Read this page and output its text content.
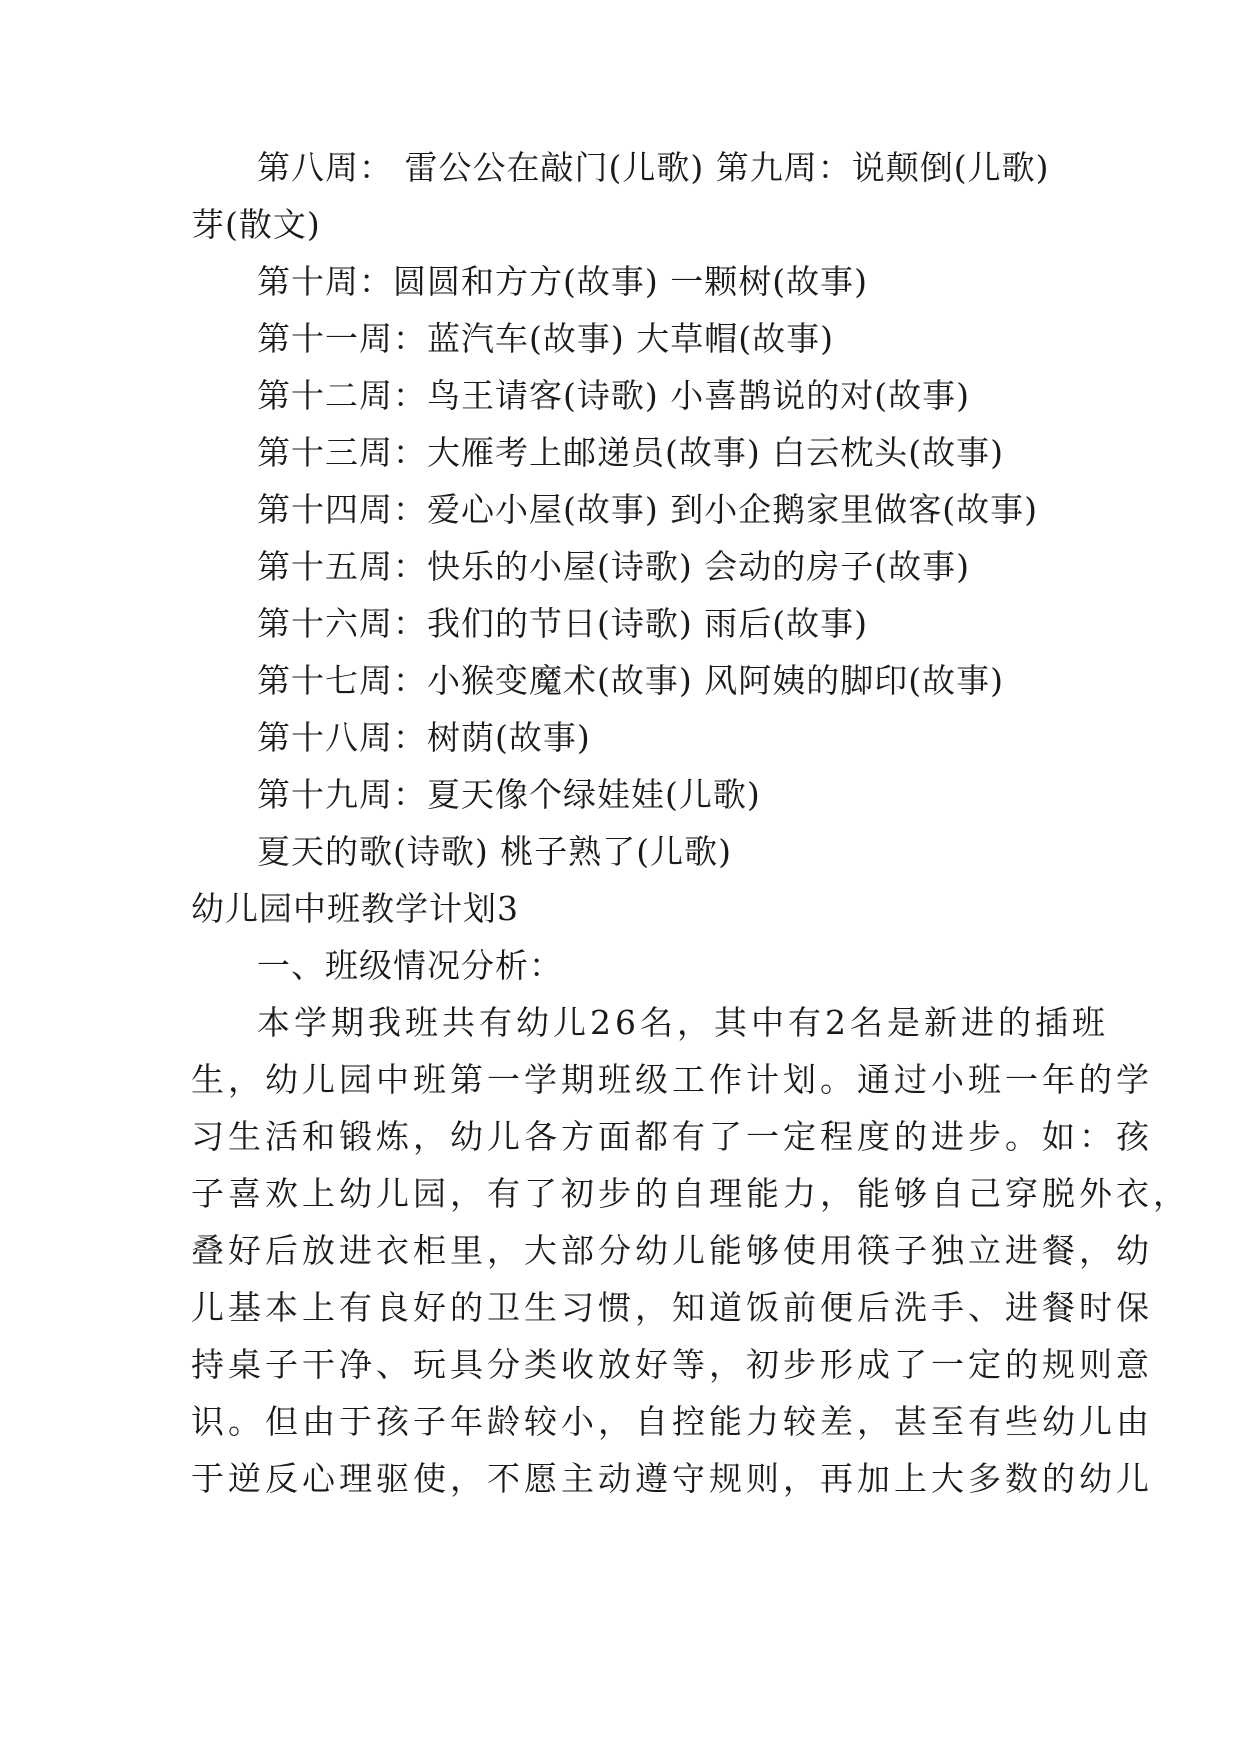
第八周： 雷公公在敲门(儿歌) 第九周：说颠倒(儿歌)
芽(散文)
第十周：圆圆和方方(故事) 一颗树(故事)
第十一周：蓝汽车(故事) 大草帽(故事)
第十二周：鸟王请客(诗歌) 小喜鹊说的对(故事)
第十三周：大雁考上邮递员(故事) 白云枕头(故事)
第十四周：爱心小屋(故事) 到小企鹅家里做客(故事)
第十五周：快乐的小屋(诗歌) 会动的房子(故事)
第十六周：我们的节日(诗歌) 雨后(故事)
第十七周：小猴变魔术(故事) 风阿姨的脚印(故事)
第十八周：树荫(故事)
第十九周：夏天像个绿娃娃(儿歌)
夏天的歌(诗歌) 桃子熟了(儿歌)
幼儿园中班教学计划3
一、班级情况分析：
本学期我班共有幼儿26名，其中有2名是新进的插班
生，幼儿园中班第一学期班级工作计划。通过小班一年的学
习生活和锻炼，幼儿各方面都有了一定程度的进步。如：孩
子喜欢上幼儿园，有了初步的自理能力，能够自己穿脱外衣，
叠好后放进衣柜里，大部分幼儿能够使用筷子独立进餐，幼
儿基本上有良好的卫生习惯，知道饭前便后洗手、进餐时保
持桌子干净、玩具分类收放好等，初步形成了一定的规则意
识。但由于孩子年龄较小，自控能力较差，甚至有些幼儿由
于逆反心理驱使，不愿主动遵守规则，再加上大多数的幼儿
